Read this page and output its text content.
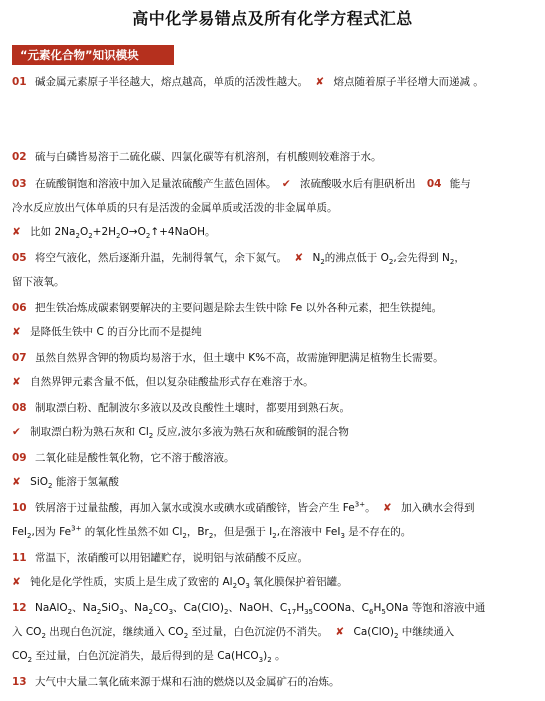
高中化学易错点及所有化学方程式汇总
“元素化合物”知识模块
01 碱金属元素原子半径越大，熔点越高，单质的活泼性越大。 ✘ 熔点随着原子半径增大而递减 。
02 硫与白磷皆易溶于二硫化碳、四氯化碳等有机溶剂，有机酸则较难溶于水。
03 在硫酸铜饱和溶液中加入足量浓硫酸产生蓝色固体。 ✔ 浓硫酸吸水后有胆矾析出 04 能与
冷水反应放出气体单质的只有是活泼的金属单质或活泼的非金属单质。
✘ 比如 $2Na_2O_2+2H_2O\to O_2↑+4NaOH$。
05 将空气液化，然后逐渐升温，先制得氧气，余下氮气。 ✘ $N_2$的沸点低于 $O_2$,会先得到 $N_2$，
留下液氧。
06 把生铁冶炼成碳素钢要解决的主要问题是除去生铁中除 Fe 以外各种元素，把生铁提纯。
✘ 是降低生铁中 C 的百分比而不是提纯
07 虽然自然界含钾的物质均易溶于水，但土壤中 K%不高，故需施钾肥满足植物生长需要。
✘ 自然界钾元素含量不低，但以复杂硅酸盐形式存在难溶于水。
08 制取漂白粉、配制波尔多液以及改良酸性土壤时，都要用到熟石灰。
✔ 制取漂白粉为熟石灰和 $Cl_2$ 反应,波尔多液为熟石灰和硫酸铜的混合物
09 二氧化硅是酸性氧化物，它不溶于酸溶液。
✘ SiO$_2$ 能溶于氢氟酸
10 铁屑溶于过量盐酸，再加入氯水或溴水或碘水或硝酸锌，皆会产生 $Fe^{3+}$。 ✘ 加入碘水会得到
FeI$_2$,因为 $Fe^{3+}$ 的氧化性虽然不如 $Cl_2$，$Br_2$，但是强于 $I_2$,在溶液中 FeI$_3$ 是不存在的。
11 常温下，浓硝酸可以用铝罐贮存，说明铝与浓硝酸不反应。
✘ 钝化是化学性质，实质上是生成了致密的 $Al_2O_3$ 氧化膜保护着铝罐。
12 NaAlO$_2$、$Na_2SiO_3$、$Na_2CO_3$、$Ca(ClO)_2$、NaOH、$C_{17}H_{35}COONa$、$C_6H_5ONa$ 等饱和溶液中通
入 $CO_2$ 出现白色沉淀，继续通入 $CO_2$ 至过量，白色沉淀仍不消失。 ✘ $Ca(ClO)_2$ 中继续通入
$CO_2$ 至过量，白色沉淀消失，最后得到的是 $Ca(HCO_3)_2$ 。
13 大气中大量二氧化硫来源于煤和石油的燃烧以及金属矿石的冶炼。
